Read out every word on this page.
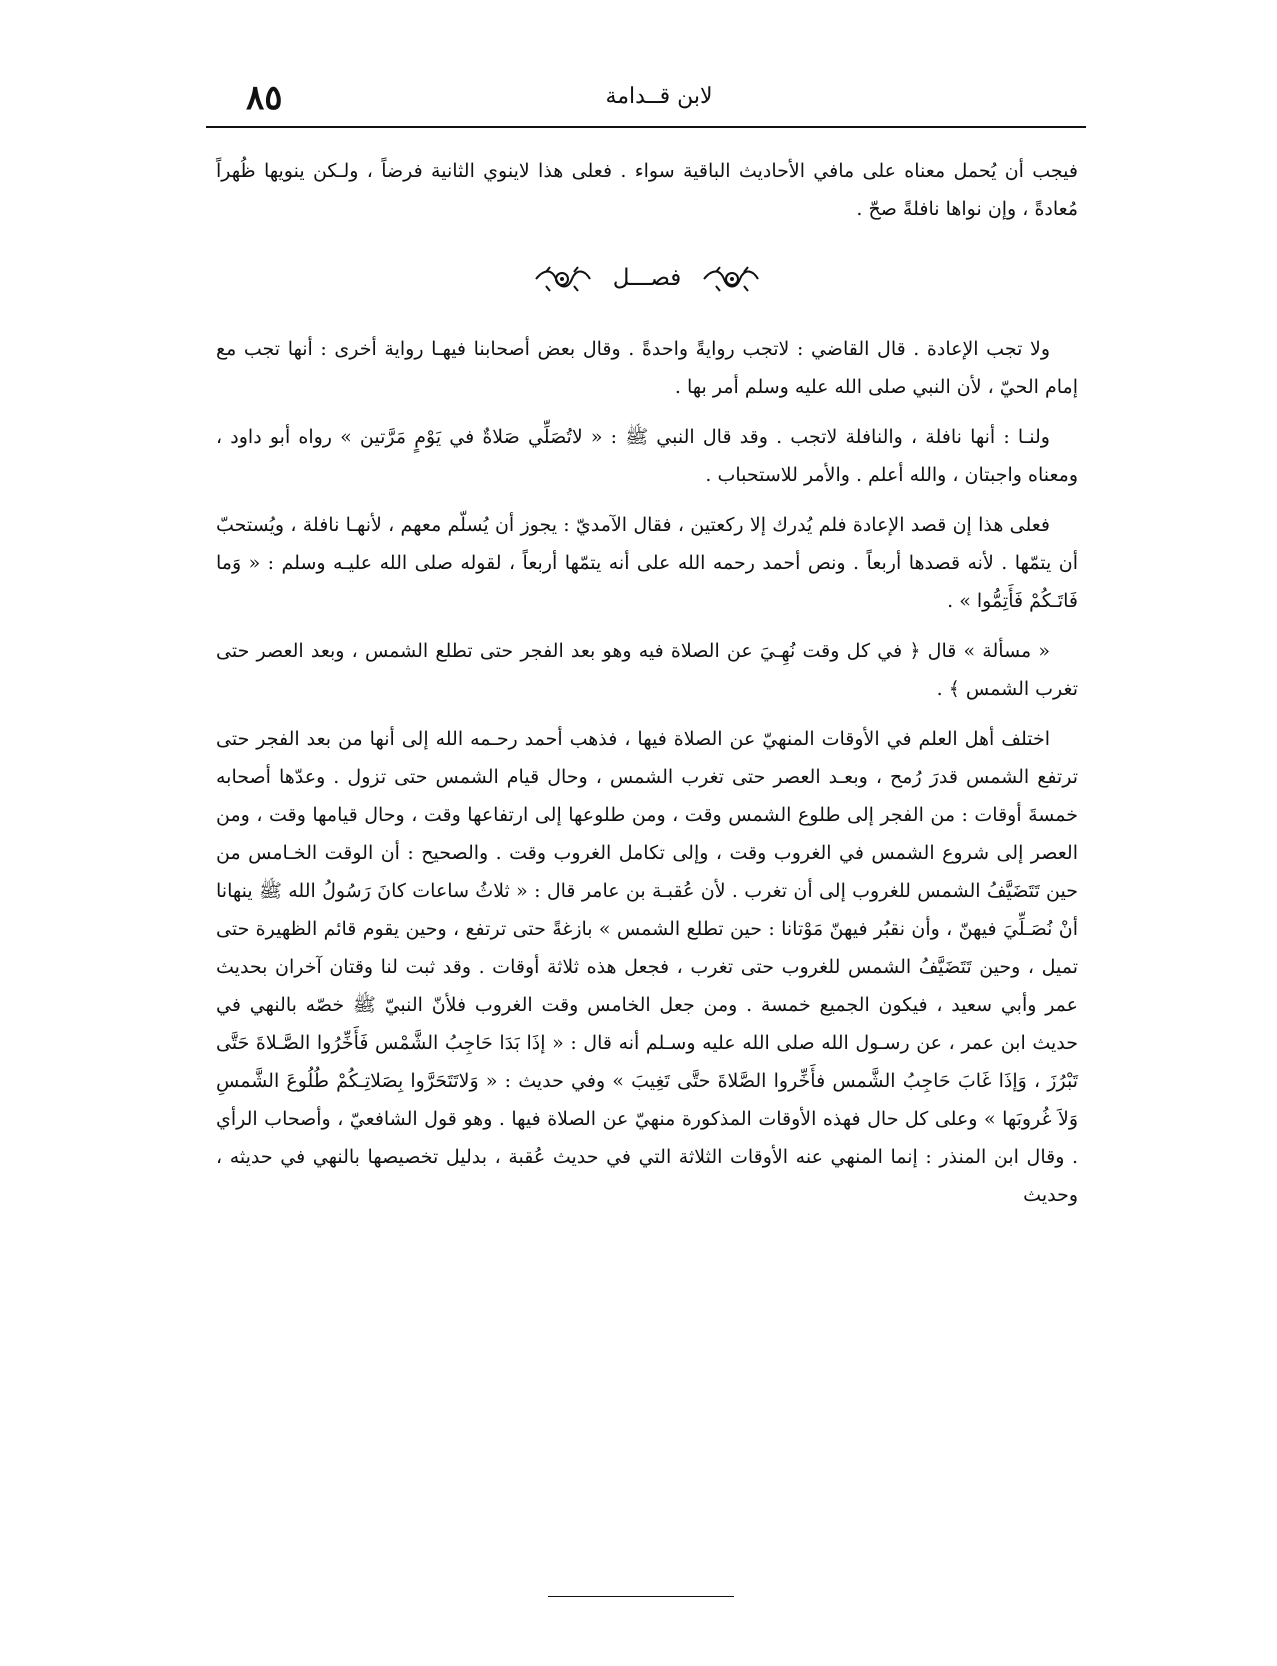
لابن قــدامة
٨٥

فيجب أن يُحمل معناه على مافي الأحاديث الباقية سواء . فعلى هذا لاينوي الثانية فرضاً ، ولـكن ينويها ظُهراً مُعادةً ، وإن نواها نافلةً صحّ .

فصـــل

ولا تجب الإعادة . قال القاضي : لاتجب روايةً واحدةً . وقال بعض أصحابنا فيهـا رواية أخرى : أنها تجب مع إمام الحيّ ، لأن النبي صلى الله عليه وسلم أمر بها .

ولنـا : أنها نافلة ، والنافلة لاتجب . وقد قال النبي ﷺ : « لاتُصَلِّي صَلاةٌ في يَوْمٍ مَرَّتين » رواه أبو داود ، ومعناه واجبتان ، والله أعلم . والأمر للاستحباب .

فعلى هذا إن قصد الإعادة فلم يُدرك إلا ركعتين ، فقال الآمديّ : يجوز أن يُسلّم معهم ، لأنهـا نافلة ، ويُستحبّ أن يتمّها . لأنه قصدها أربعاً . ونص أحمد رحمه الله على أنه يتمّها أربعاً ، لقوله صلى الله عليـه وسلم : « وَما فَاتَـكُمْ فَأَتِمُّوا » .

« مسألة » قال ﴿ في كل وقت نُهِـيَ عن الصلاة فيه وهو بعد الفجر حتى تطلع الشمس ، وبعد العصر حتى تغرب الشمس ﴾ .

اختلف أهل العلم في الأوقات المنهيّ عن الصلاة فيها ، فذهب أحمد رحـمه الله إلى أنها من بعد الفجر حتى ترتفع الشمس قدرَ رُمح ، وبعـد العصر حتى تغرب الشمس ، وحال قيام الشمس حتى تزول . وعدّها أصحابه خمسةَ أوقات : من الفجر إلى طلوع الشمس وقت ، ومن طلوعها إلى ارتفاعها وقت ، وحال قيامها وقت ، ومن العصر إلى شروع الشمس في الغروب وقت ، وإلى تكامل الغروب وقت . والصحيح : أن الوقت الخـامس من حين تَتَضَيَّفُ الشمس للغروب إلى أن تغرب . لأن عُقبـة بن عامر قال : « ثلاثُ ساعات كانَ رَسُولُ الله ﷺ ينهانا أنْ نُصَـلِّيَ فيهنّ ، وأن نقبُر فيهنّ مَوْتانا : حين تطلع الشمس » بازغةً حتى ترتفع ، وحين يقوم قائم الظهيرة حتى تميل ، وحين تَتَضَيَّفُ الشمس للغروب حتى تغرب ، فجعل هذه ثلاثة أوقات . وقد ثبت لنا وقتان آخران بحديث عمر وأبي سعيد ، فيكون الجميع خمسة . ومن جعل الخامس وقت الغروب فلأنّ النبيّ ﷺ خصّه بالنهي في حديث ابن عمر ، عن رسـول الله صلى الله عليه وسـلم أنه قال : « إذَا بَدَا حَاجِبُ الشَّمْس فَأَخِّرُوا الصَّـلاةَ حَتَّى تَبْرُزَ ، وَإذَا غَابَ حَاجِبُ الشَّمس فأَخِّروا الصَّلاةَ حتَّى تَغِيبَ » وفي حديث : « وَلاتَتَحَرَّوا بِصَلاتِـكُمْ طُلُوعَ الشَّمسِ وَلاَ غُروبَها » وعلى كل حال فهذه الأوقات المذكورة منهيّ عن الصلاة فيها . وهو قول الشافعيّ ، وأصحاب الرأي . وقال ابن المنذر : إنما المنهي عنه الأوقات الثلاثة التي في حديث عُقبة ، بدليل تخصيصها بالنهي في حديثه ، وحديث
